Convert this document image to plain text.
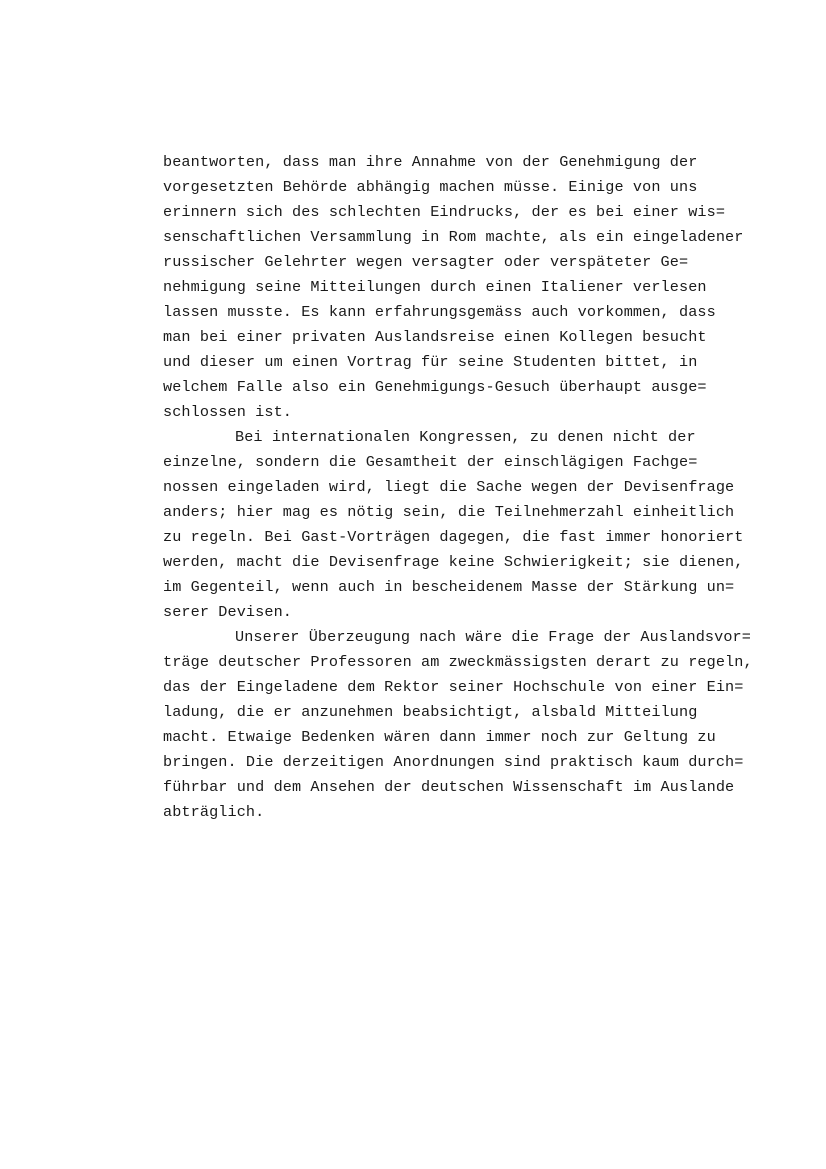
beantworten, dass man ihre Annahme von der Genehmigung der
vorgesetzten Behörde abhängig machen müsse. Einige von uns
erinnern sich des schlechten Eindrucks, der es bei einer wis=
senschaftlichen Versammlung in Rom machte, als ein eingeladener
russischer Gelehrter wegen versagter oder verspäteter Ge=
nehmigung seine Mitteilungen durch einen Italiener verlesen
lassen musste. Es kann erfahrungsgemäss auch vorkommen, dass
man bei einer privaten Auslandsreise einen Kollegen besucht
und dieser um einen Vortrag für seine Studenten bittet, in
welchem Falle also ein Genehmigungs-Gesuch überhaupt ausge=
schlossen ist.
Bei internationalen Kongressen, zu denen nicht der
einzelne, sondern die Gesamtheit der einschlägigen Fachge=
nossen eingeladen wird, liegt die Sache wegen der Devisenfrage
anders; hier mag es nötig sein, die Teilnehmerzahl einheitlich
zu regeln. Bei Gast-Vorträgen dagegen, die fast immer honoriert
werden, macht die Devisenfrage keine Schwierigkeit; sie dienen,
im Gegenteil, wenn auch in bescheidenem Masse der Stärkung un=
serer Devisen.
Unserer Überzeugung nach wäre die Frage der Auslandsvor=
träge deutscher Professoren am zweckmässigsten derart zu regeln,
das der Eingeladene dem Rektor seiner Hochschule von einer Ein=
ladung, die er anzunehmen beabsichtigt, alsbald Mitteilung
macht. Etwaige Bedenken wären dann immer noch zur Geltung zu
bringen. Die derzeitigen Anordnungen sind praktisch kaum durch=
führbar und dem Ansehen der deutschen Wissenschaft im Auslande
abträglich.
